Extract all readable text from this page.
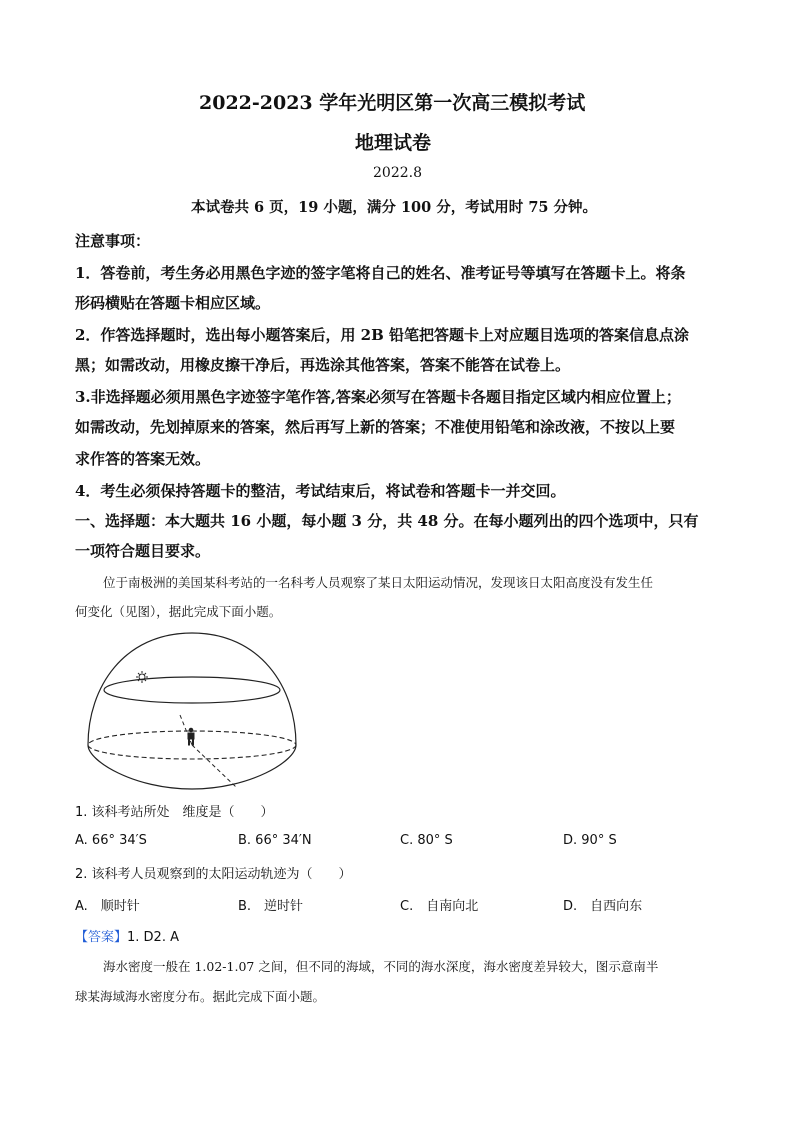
2022-2023 学年光明区第一次高三模拟考试
地理试卷
2022.8
本试卷共 6 页，19 小题，满分 100 分，考试用时 75 分钟。
注意事项：
1．答卷前，考生务必用黑色字迹的签字笔将自己的姓名、准考证号等填写在答题卡上。将条
形码横贴在答题卡相应区域。
2．作答选择题时，选出每小题答案后，用 2B 铅笔把答题卡上对应题目选项的答案信息点涂
黑；如需改动，用橡皮擦干净后，再选涂其他答案，答案不能答在试卷上。
3.非选择题必须用黑色字迹签字笔作答,答案必须写在答题卡各题目指定区域内相应位置上；
如需改动，先划掉原来的答案，然后再写上新的答案；不准使用铅笔和涂改液，不按以上要
求作答的答案无效。
4．考生必须保持答题卡的整洁，考试结束后，将试卷和答题卡一并交回。
一、选择题：本大题共 16 小题，每小题 3 分，共 48 分。在每小题列出的四个选项中，只有
一项符合题目要求。
位于南极洲的美国某科考站的一名科考人员观察了某日太阳运动情况，发现该日太阳高度没有发生任
何变化（见图），据此完成下面小题。
1. 该科考站所处　维度是（　　）
A. 66° 34′S	B. 66° 34′N	C. 80° S	D. 90° S
2. 该科考人员观察到的太阳运动轨迹为（　　）
A.　顺时针	B.　逆时针	C.　自南向北	D.　自西向东
【答案】1. D2. A
海水密度一般在 1.02-1.07 之间，但不同的海域，不同的海水深度，海水密度差异较大，图示意南半
球某海域海水密度分布。据此完成下面小题。
